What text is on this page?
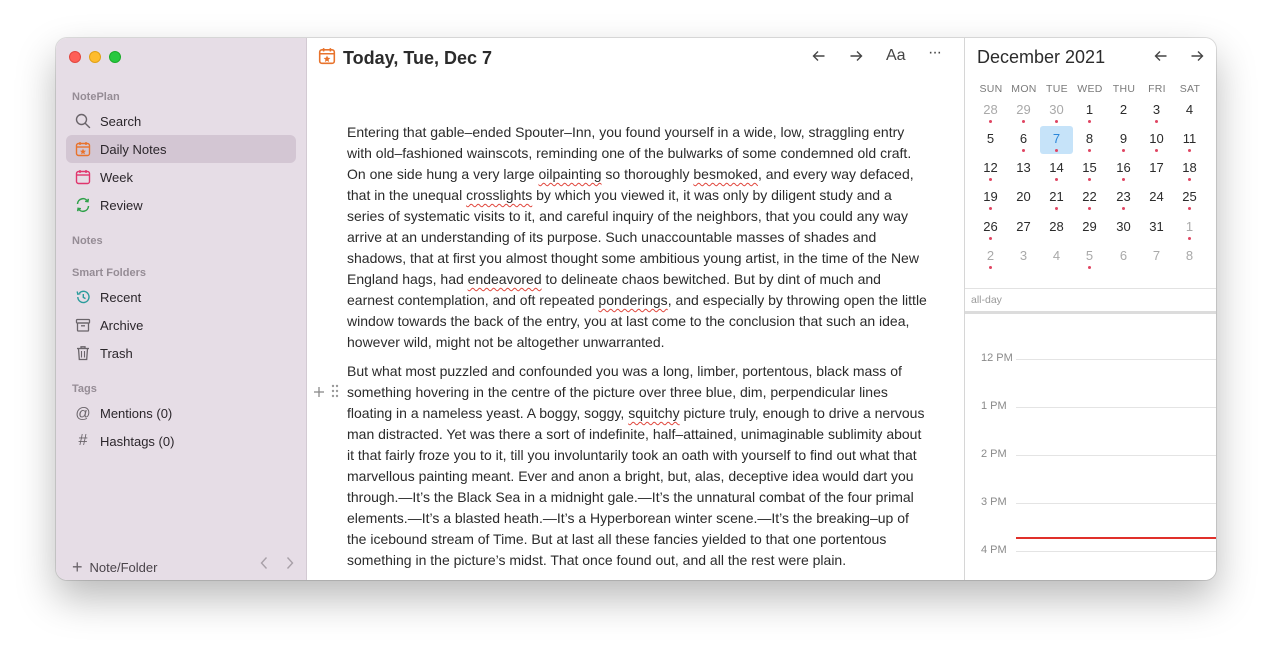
NotePlan
Search
Daily Notes
Week
Review
Notes
Smart Folders
Recent
Archive
Trash
Tags
@ Mentions (0)
# Hashtags (0)
+ Note/Folder
Today, Tue, Dec 7	Aa ···

Entering that gable–ended Spouter–Inn, you found yourself in a wide, low, straggling entry with old–fashioned wainscots, reminding one of the bulwarks of some condemned old craft. On one side hung a very large oilpainting so thoroughly besmoked, and every way defaced, that in the unequal crosslights by which you viewed it, it was only by diligent study and a series of systematic visits to it, and careful inquiry of the neighbors, that you could any way arrive at an understanding of its purpose. Such unaccountable masses of shades and shadows, that at first you almost thought some ambitious young artist, in the time of the New England hags, had endeavored to delineate chaos bewitched. But by dint of much and earnest contemplation, and oft repeated ponderings, and especially by throwing open the little window towards the back of the entry, you at last come to the conclusion that such an idea, however wild, might not be altogether unwarranted.

But what most puzzled and confounded you was a long, limber, portentous, black mass of something hovering in the centre of the picture over three blue, dim, perpendicular lines floating in a nameless yeast. A boggy, soggy, squitchy picture truly, enough to drive a nervous man distracted. Yet was there a sort of indefinite, half–attained, unimaginable sublimity about it that fairly froze you to it, till you involuntarily took an oath with yourself to find out what that marvellous painting meant. Ever and anon a bright, but, alas, deceptive idea would dart you through.—It’s the Black Sea in a midnight gale.—It’s the unnatural combat of the four primal elements.—It’s a blasted heath.—It’s a Hyperborean winter scene.—It’s the breaking–up of the icebound stream of Time. But at last all these fancies yielded to that one portentous something in the picture’s midst. That once found out, and all the rest were plain.

December 2021
SUN MON TUE WED THU	FRI	SAT
28	29	30	1	2	3	4
5	6	7	8	9	10	11
12	13	14	15	16	17	18
19	20	21	22	23	24	25
26	27	28	29	30	31	1
2	3	4	5	6	7	8
all-day
12 PM
1 PM
2 PM
3 PM
4 PM
